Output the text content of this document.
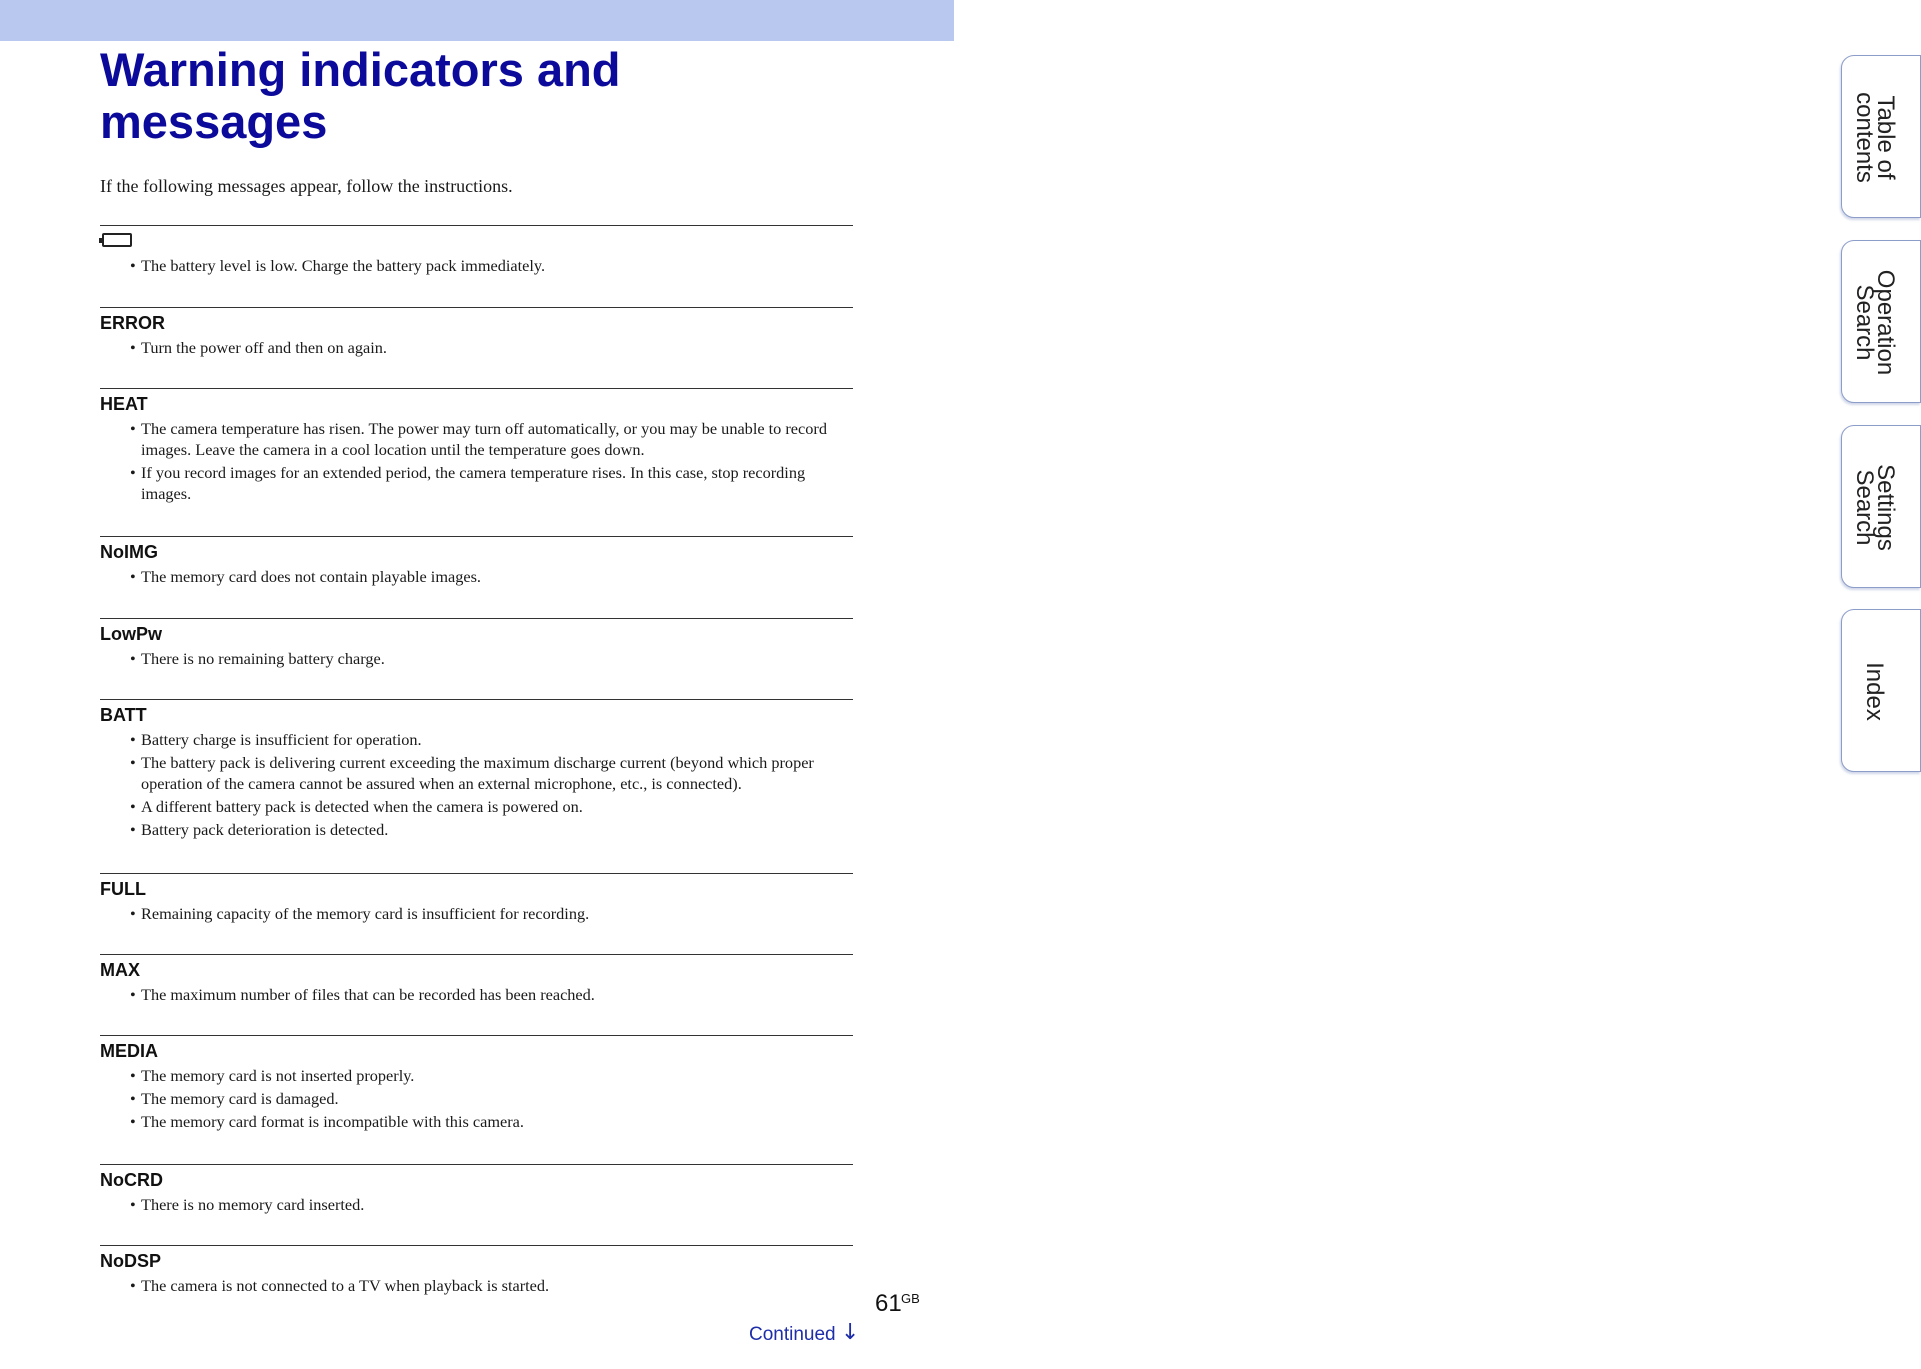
Warning indicators and messages
If the following messages appear, follow the instructions.
• The battery level is low. Charge the battery pack immediately.
ERROR
• Turn the power off and then on again.
HEAT
• The camera temperature has risen. The power may turn off automatically, or you may be unable to record images. Leave the camera in a cool location until the temperature goes down.
• If you record images for an extended period, the camera temperature rises. In this case, stop recording images.
NoIMG
• The memory card does not contain playable images.
LowPw
• There is no remaining battery charge.
BATT
• Battery charge is insufficient for operation.
• The battery pack is delivering current exceeding the maximum discharge current (beyond which proper operation of the camera cannot be assured when an external microphone, etc., is connected).
• A different battery pack is detected when the camera is powered on.
• Battery pack deterioration is detected.
FULL
• Remaining capacity of the memory card is insufficient for recording.
MAX
• The maximum number of files that can be recorded has been reached.
MEDIA
• The memory card is not inserted properly.
• The memory card is damaged.
• The memory card format is incompatible with this camera.
NoCRD
• There is no memory card inserted.
NoDSP
• The camera is not connected to a TV when playback is started.
Table of
contents
Operation
Search
Settings
Search
Index
61 GB
Continued ↓
